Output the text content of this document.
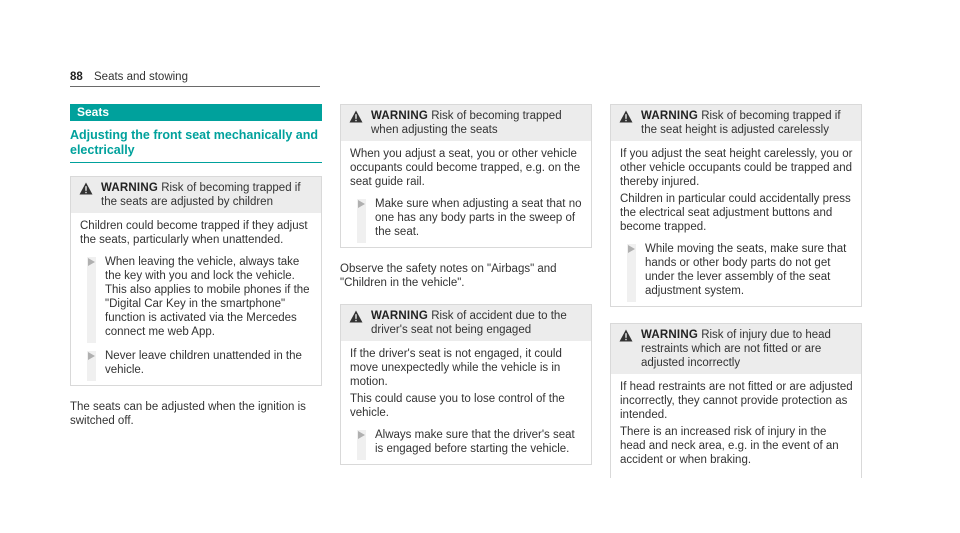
88 Seats and stowing
Seats
Adjusting the front seat mechanically and electrically
WARNING Risk of becoming trapped if the seats are adjusted by children

Children could become trapped if they adjust the seats, particularly when unattended.

When leaving the vehicle, always take the key with you and lock the vehicle. This also applies to mobile phones if the "Digital Car Key in the smartphone" function is activated via the Mercedes connect me web App.
Never leave children unattended in the vehicle.

The seats can be adjusted when the ignition is switched off.

WARNING Risk of becoming trapped when adjusting the seats

When you adjust a seat, you or other vehicle occupants could become trapped, e.g. on the seat guide rail.

Make sure when adjusting a seat that no one has any body parts in the sweep of the seat.

Observe the safety notes on "Airbags" and "Children in the vehicle".

WARNING Risk of accident due to the driver's seat not being engaged

If the driver's seat is not engaged, it could move unexpectedly while the vehicle is in motion.

This could cause you to lose control of the vehicle.

Always make sure that the driver's seat is engaged before starting the vehicle.
WARNING Risk of becoming trapped if the seat height is adjusted carelessly

If you adjust the seat height carelessly, you or other vehicle occupants could be trapped and thereby injured.

Children in particular could accidentally press the electrical seat adjustment buttons and become trapped.

While moving the seats, make sure that hands or other body parts do not get under the lever assembly of the seat adjustment system.
WARNING Risk of injury due to head restraints which are not fitted or are adjusted incorrectly

If head restraints are not fitted or are adjusted incorrectly, they cannot provide protection as intended.

There is an increased risk of injury in the head and neck area, e.g. in the event of an accident or when braking.
